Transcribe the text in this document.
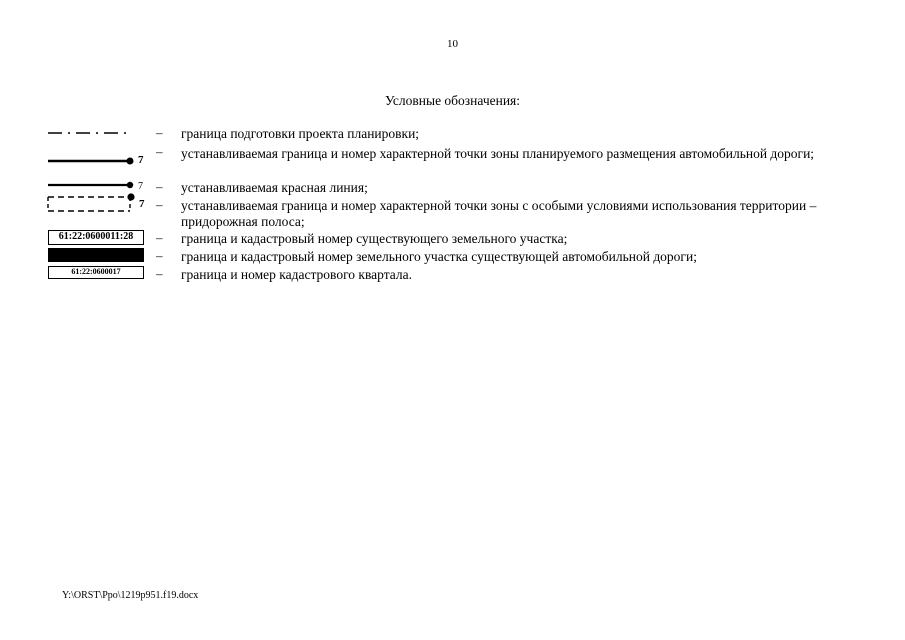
10
Условные обозначения:
– граница подготовки проекта планировки;
7
– устанавливаемая граница и номер характерной точки зоны планируемого размещения автомобильной дороги;
7 – устанавливаемая красная линия;
7 – устанавливаемая граница и номер характерной точки зоны с особыми условиями использования территории – придорожная полоса;
61:22:0600011:28	– граница и кадастровый номер существующего земельного участка;
– граница и кадастровый номер земельного участка существующей автомобильной дороги;
61:22:0600017	– граница и номер кадастрового квартала.
Y:\ORST\Ppo\1219p951.f19.docx
